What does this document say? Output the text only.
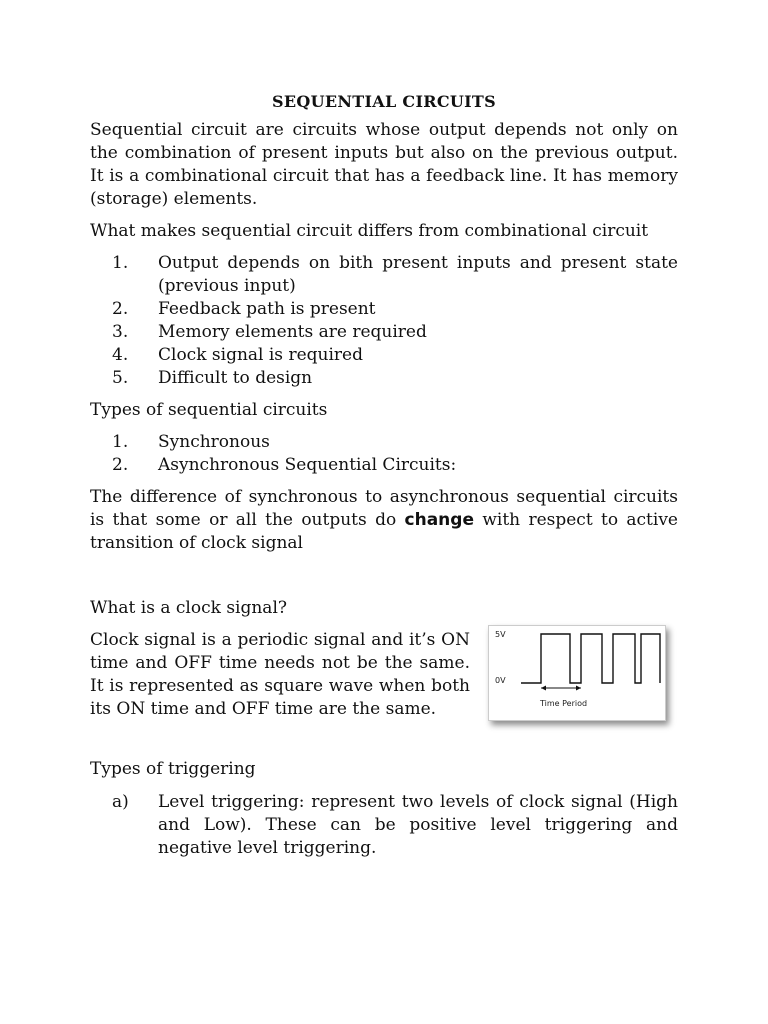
SEQUENTIAL CIRCUITS

Sequential circuit are circuits whose output depends not only on the combination of present inputs but also on the previous output. It is a combinational circuit that has a feedback line. It has memory (storage) elements.

What makes sequential circuit differs from combinational circuit

1. Output depends on bith present inputs and present state (previous input)
2. Feedback path is present
3. Memory elements are required
4. Clock signal is required
5. Difficult to design

Types of sequential circuits

1. Synchronous
2. Asynchronous Sequential Circuits:

The difference of synchronous to asynchronous sequential circuits is that some or all the outputs do change with respect to active transition of clock signal

What is a clock signal?

Clock signal is a periodic signal and it’s ON time and OFF time needs not be the same. It is represented as square wave when both its ON time and OFF time are the same.

5V
0V
Time Period

Types of triggering

a) Level triggering: represent two levels of clock signal (High and Low). These can be positive level triggering and negative level triggering.
